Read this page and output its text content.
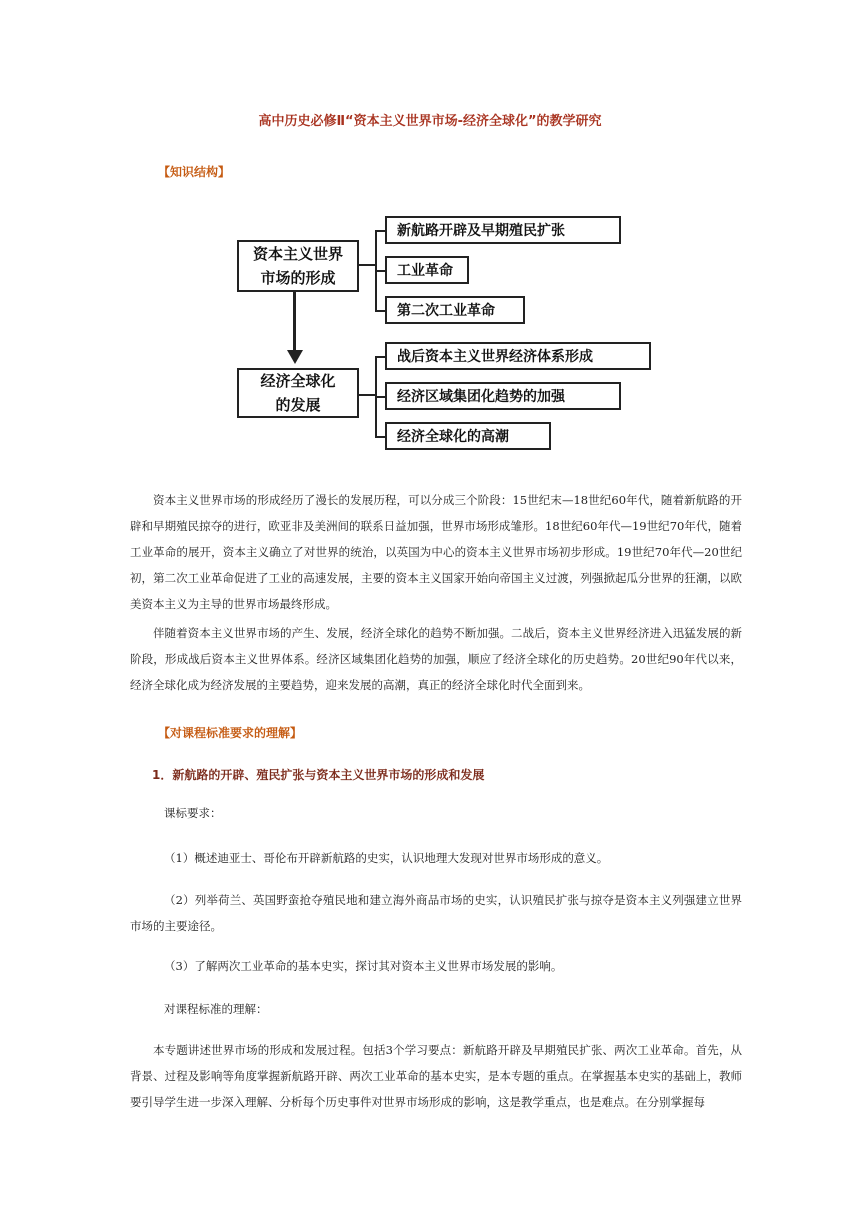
高中历史必修Ⅱ“资本主义世界市场-经济全球化”的教学研究
【知识结构】
资本主义世界市场的形成
经济全球化的发展
新航路开辟及早期殖民扩张
工业革命
第二次工业革命
战后资本主义世界经济体系形成
经济区域集团化趋势的加强
经济全球化的高潮

资本主义世界市场的形成经历了漫长的发展历程，可以分成三个阶段：15世纪末—18世纪60年代，随着新航路的开辟和早期殖民掠夺的进行，欧亚非及美洲间的联系日益加强，世界市场形成雏形。18世纪60年代—19世纪70年代，随着工业革命的展开，资本主义确立了对世界的统治，以英国为中心的资本主义世界市场初步形成。19世纪70年代—20世纪初，第二次工业革命促进了工业的高速发展，主要的资本主义国家开始向帝国主义过渡，列强掀起瓜分世界的狂潮，以欧美资本主义为主导的世界市场最终形成。

伴随着资本主义世界市场的产生、发展，经济全球化的趋势不断加强。二战后，资本主义世界经济进入迅猛发展的新阶段，形成战后资本主义世界体系。经济区域集团化趋势的加强，顺应了经济全球化的历史趋势。20世纪90年代以来，经济全球化成为经济发展的主要趋势，迎来发展的高潮，真正的经济全球化时代全面到来。

【对课程标准要求的理解】
1．新航路的开辟、殖民扩张与资本主义世界市场的形成和发展

课标要求：

（1）概述迪亚士、哥伦布开辟新航路的史实，认识地理大发现对世界市场形成的意义。

（2）列举荷兰、英国野蛮抢夺殖民地和建立海外商品市场的史实，认识殖民扩张与掠夺是资本主义列强建立世界市场的主要途径。

（3）了解两次工业革命的基本史实，探讨其对资本主义世界市场发展的影响。

对课程标准的理解：

本专题讲述世界市场的形成和发展过程。包括3个学习要点：新航路开辟及早期殖民扩张、两次工业革命。首先，从背景、过程及影响等角度掌握新航路开辟、两次工业革命的基本史实，是本专题的重点。在掌握基本史实的基础上，教师要引导学生进一步深入理解、分析每个历史事件对世界市场形成的影响，这是教学重点，也是难点。在分别掌握每
